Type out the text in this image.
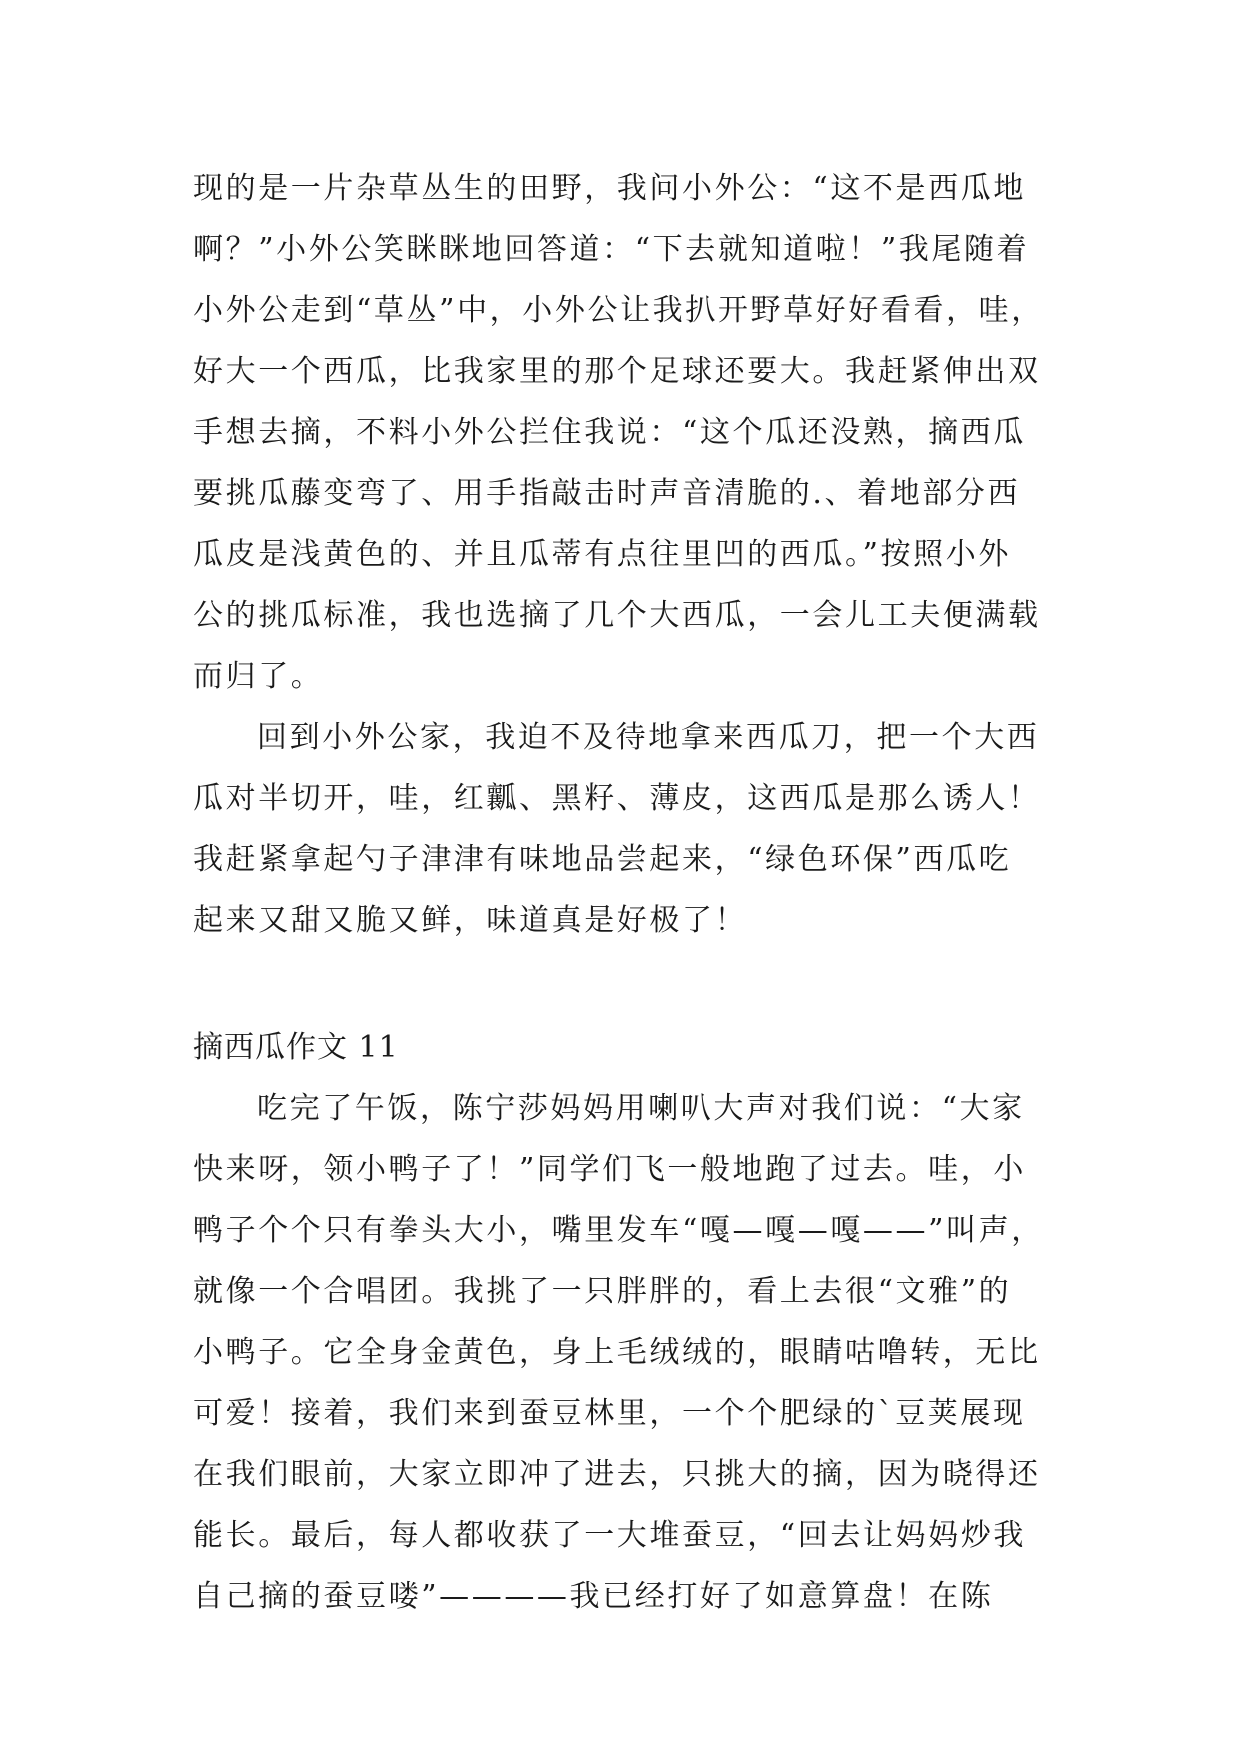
现的是一片杂草丛生的田野，我问小外公：“这不是西瓜地
啊？”小外公笑眯眯地回答道：“下去就知道啦！”我尾随着
小外公走到“草丛”中，小外公让我扒开野草好好看看，哇，
好大一个西瓜，比我家里的那个足球还要大。我赶紧伸出双
手想去摘，不料小外公拦住我说：“这个瓜还没熟，摘西瓜
要挑瓜藤变弯了、用手指敲击时声音清脆的.、着地部分西
瓜皮是浅黄色的、并且瓜蒂有点往里凹的西瓜。”按照小外
公的挑瓜标准，我也选摘了几个大西瓜，一会儿工夫便满载
而归了。
回到小外公家，我迫不及待地拿来西瓜刀，把一个大西
瓜对半切开，哇，红瓤、黑籽、薄皮，这西瓜是那么诱人！
我赶紧拿起勺子津津有味地品尝起来，“绿色环保”西瓜吃
起来又甜又脆又鲜，味道真是好极了！
摘西瓜作文 11
吃完了午饭，陈宁莎妈妈用喇叭大声对我们说：“大家
快来呀，领小鸭子了！”同学们飞一般地跑了过去。哇，小
鸭子个个只有拳头大小，嘴里发车“嘎—嘎—嘎——”叫声，
就像一个合唱团。我挑了一只胖胖的，看上去很“文雅”的
小鸭子。它全身金黄色，身上毛绒绒的，眼睛咕噜转，无比
可爱！接着，我们来到蚕豆林里，一个个肥绿的`豆荚展现
在我们眼前，大家立即冲了进去，只挑大的摘，因为晓得还
能长。最后，每人都收获了一大堆蚕豆，“回去让妈妈炒我
自己摘的蚕豆喽”————我已经打好了如意算盘！在陈
